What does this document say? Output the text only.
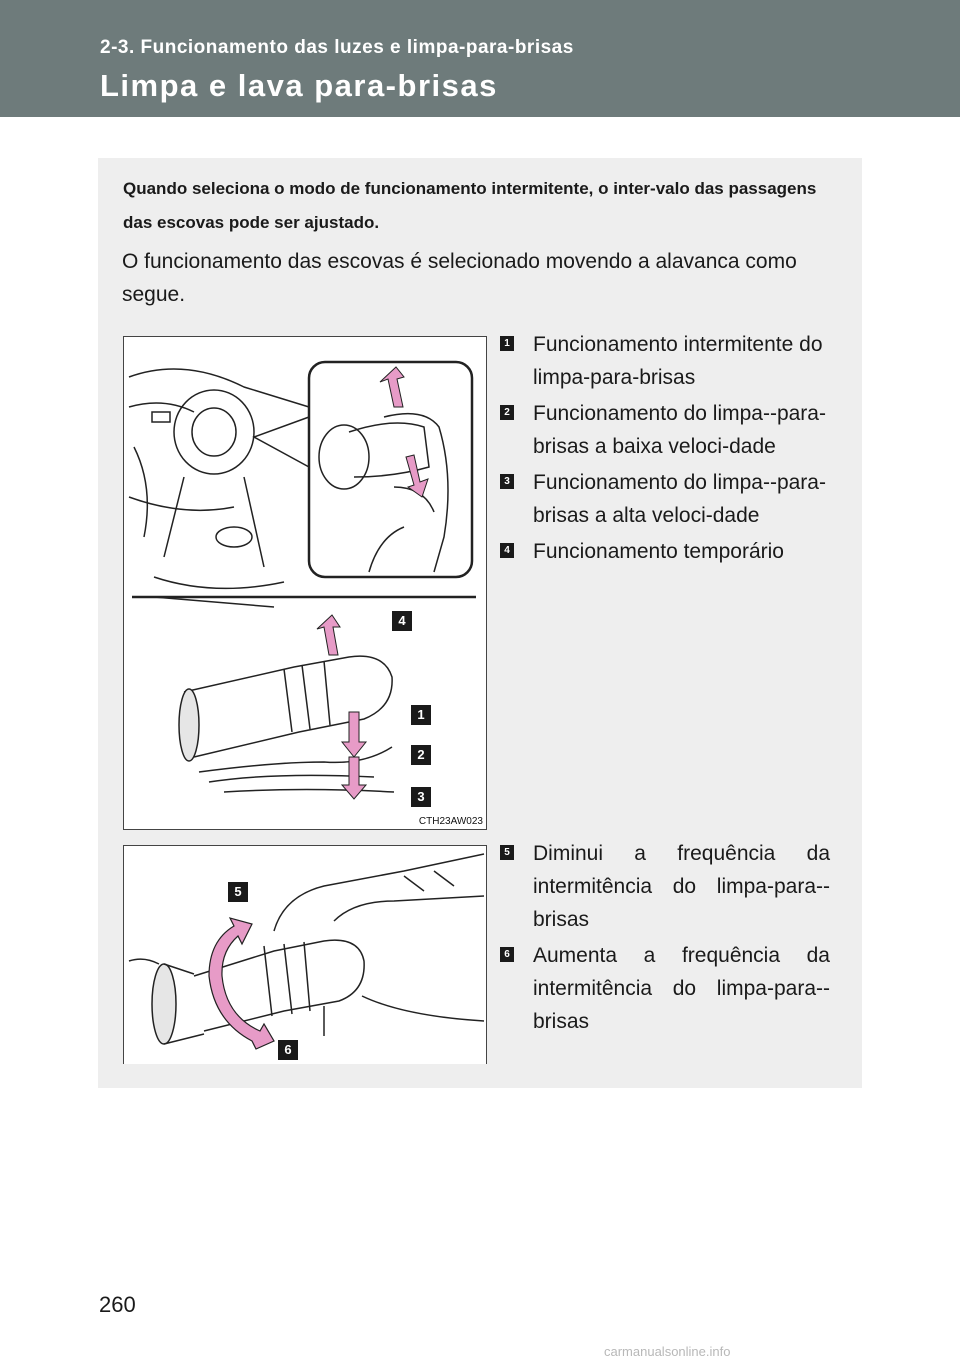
2-3. Funcionamento das luzes e limpa-para-brisas
Limpa e lava para-brisas
Quando seleciona o modo de funcionamento intermitente, o inter-valo das passagens das escovas pode ser ajustado.
O funcionamento das escovas é selecionado movendo a alavanca como segue.
4
1
2
3
CTH23AW023
1 Funcionamento intermitente do limpa-para-brisas
2 Funcionamento do limpa--para-brisas a baixa veloci-dade
3 Funcionamento do limpa--para-brisas a alta veloci-dade
4 Funcionamento temporário
5
6
5 Diminui a frequência da intermitência do limpa-para--brisas
6 Aumenta a frequência da intermitência do limpa-para--brisas
260
carmanualsonline.info
